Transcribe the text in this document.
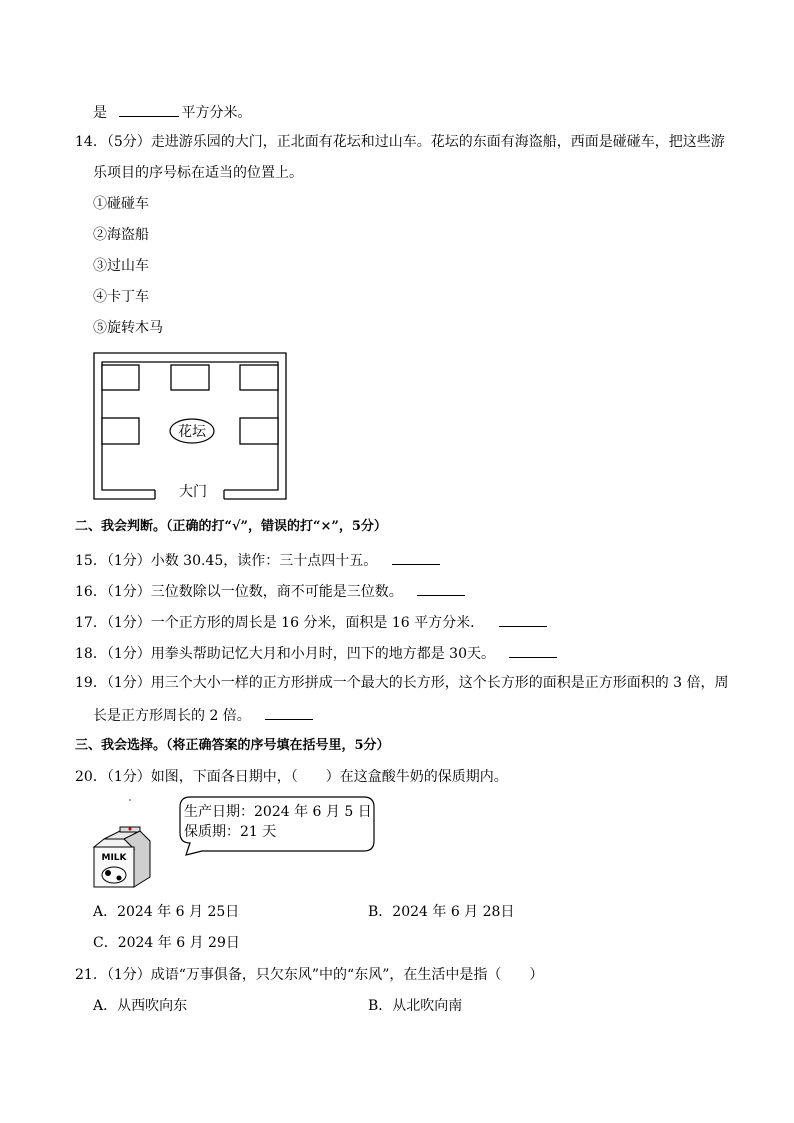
是	平方分米。
14．（5分）走进游乐园的大门，正北面有花坛和过山车。花坛的东面有海盗船，西面是碰碰车，把这些游
乐项目的序号标在适当的位置上。
①碰碰车
②海盗船
③过山车
④卡丁车
⑤旋转木马
花坛
大门
二、我会判断。（正确的打“√”，错误的打“×”，5分）
15．（1分）小数 30.45，读作：三十点四十五。
16．（1分）三位数除以一位数，商不可能是三位数。
17．（1分）一个正方形的周长是 16 分米，面积是 16 平方分米．
18．（1分）用拳头帮助记忆大月和小月时，凹下的地方都是 30天。
19．（1分）用三个大小一样的正方形拼成一个最大的长方形，这个长方形的面积是正方形面积的 3 倍，周
长是正方形周长的 2 倍。
三、我会选择。（将正确答案的序号填在括号里，5分）
20．（1分）如图，下面各日期中，（　　）在这盒酸牛奶的保质期内。
生产日期：2024 年 6 月 5 日
保质期：21 天
MILK
A．2024 年 6 月 25日	B．2024 年 6 月 28日
C．2024 年 6 月 29日
21．（1分）成语“万事俱备，只欠东风”中的“东风”，在生活中是指（　　）
A．从西吹向东	B．从北吹向南
